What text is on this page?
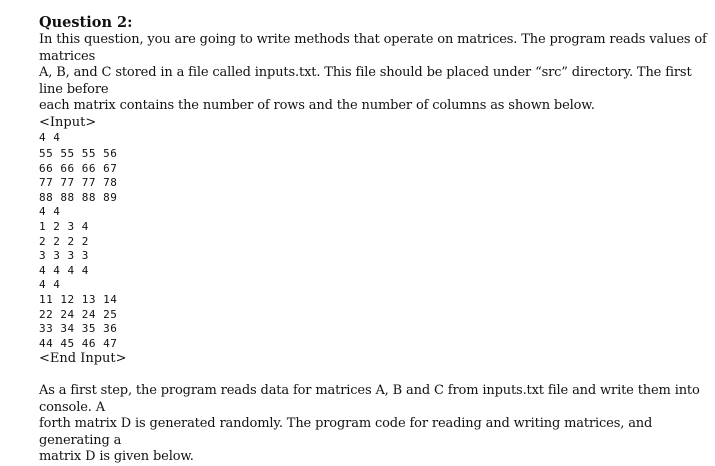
Question 2:

In this question, you are going to write methods that operate on matrices. The program reads values of matrices

A, B, and C stored in a file called inputs.txt. This file should be placed under “src” directory. The first line before

each matrix contains the number of rows and the number of columns as shown below.

<Input>

4 4

55 55 55 56

66 66 66 67

77 77 77 78

88 88 88 89

4 4

1 2 3 4

2 2 2 2

3 3 3 3

4 4 4 4

4 4

11 12 13 14

22 24 24 25

33 34 35 36

44 45 46 47

<End Input>

As a first step, the program reads data for matrices A, B and C from inputs.txt file and write them into console. A

forth matrix D is generated randomly. The program code for reading and writing matrices, and generating a

matrix D is given below.
